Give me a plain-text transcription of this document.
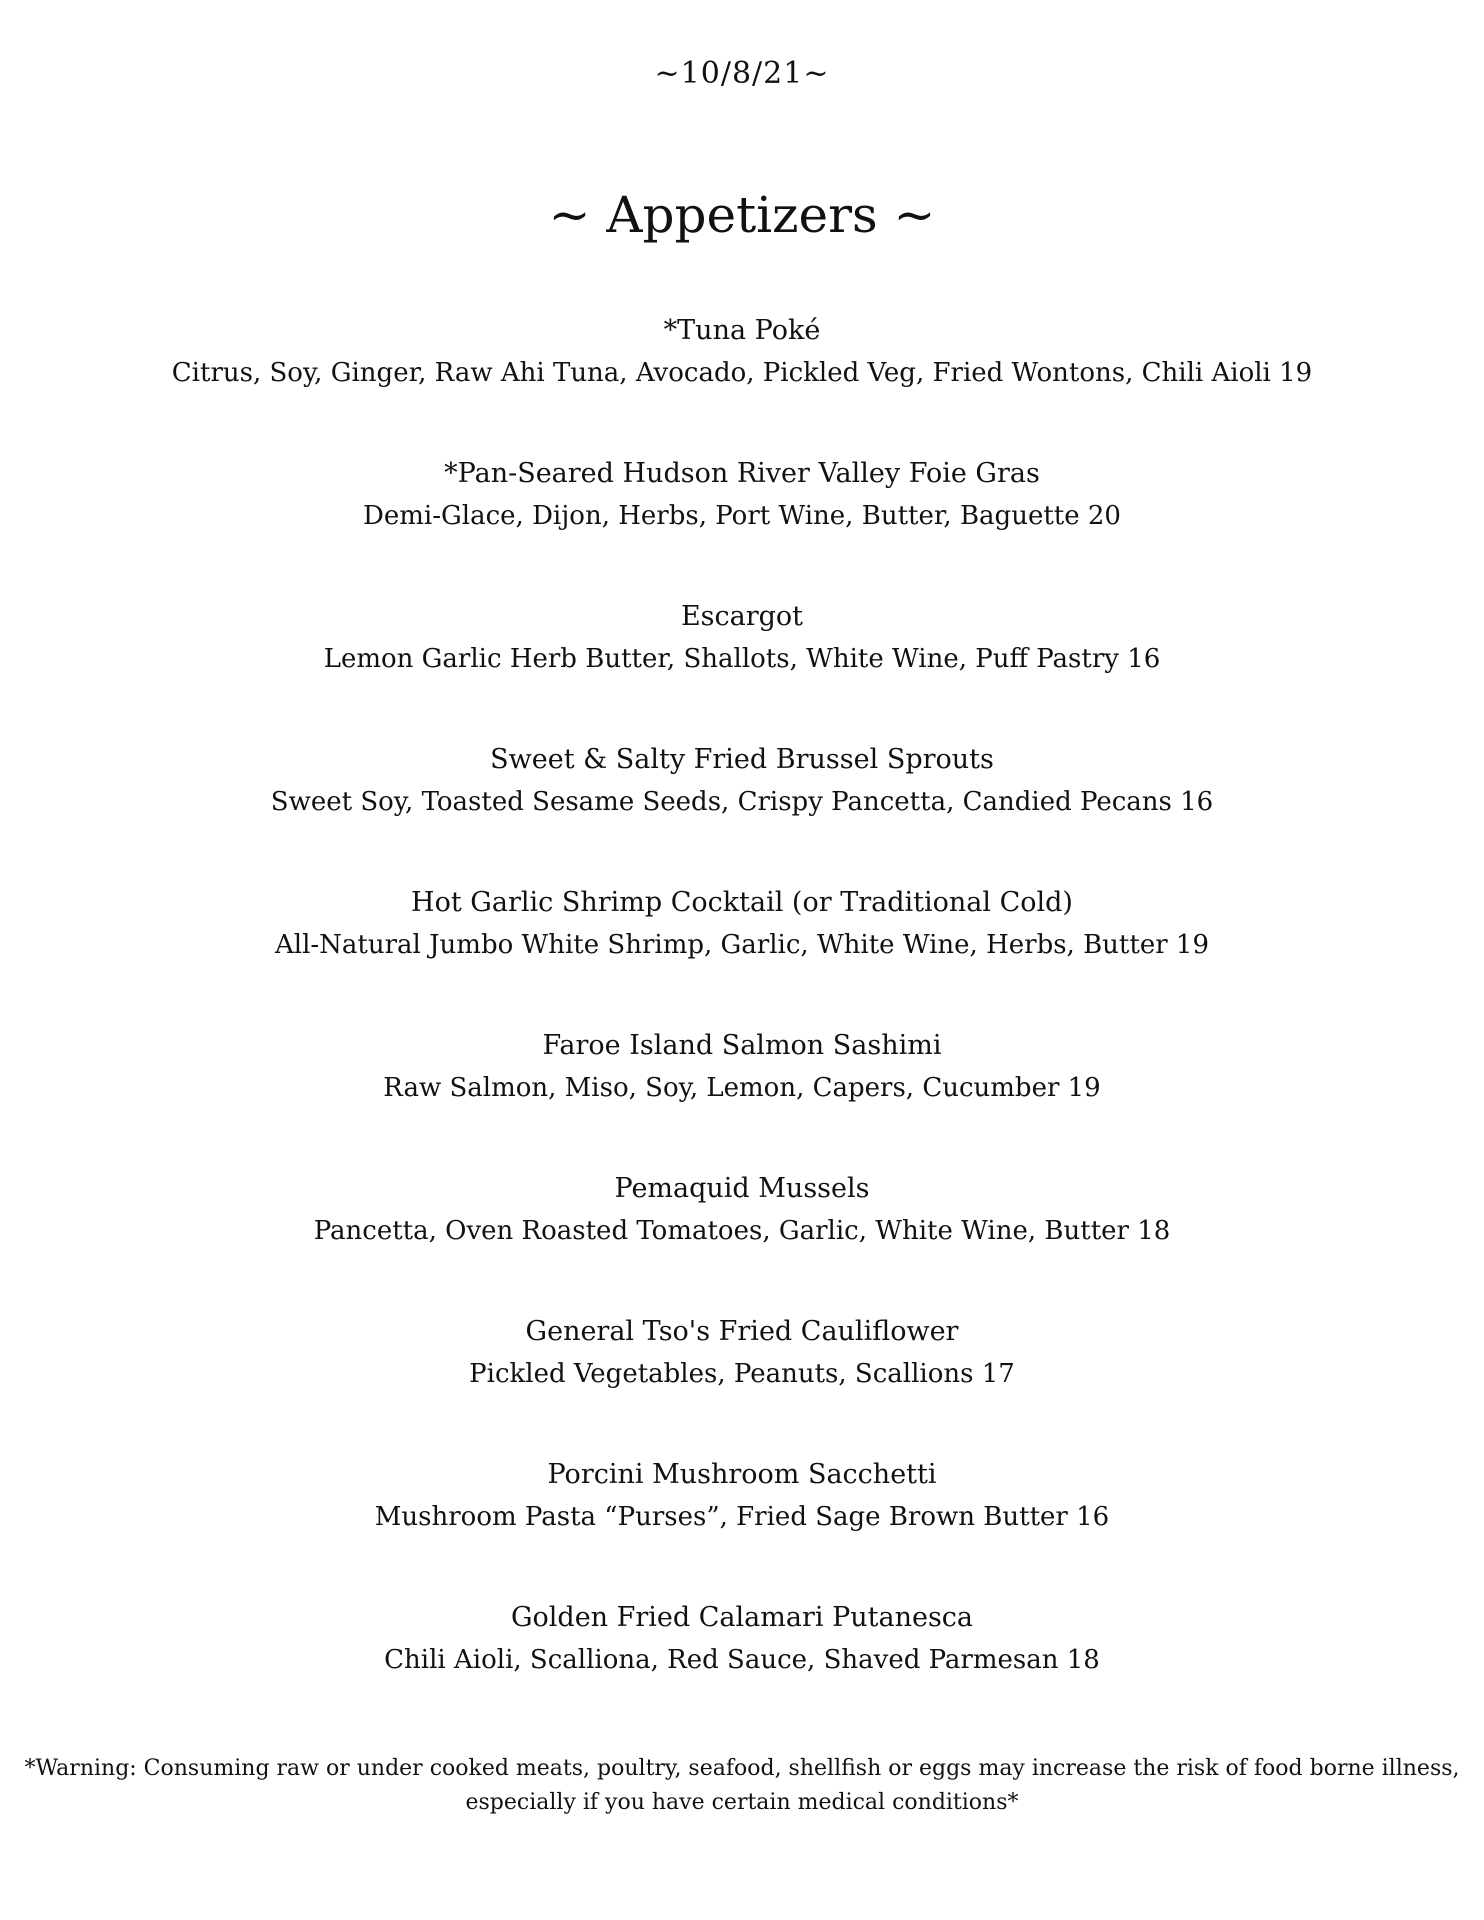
~10/8/21~
~ Appetizers ~
*Tuna Poké
Citrus, Soy, Ginger, Raw Ahi Tuna, Avocado, Pickled Veg, Fried Wontons, Chili Aioli 19
*Pan-Seared Hudson River Valley Foie Gras
Demi-Glace, Dijon, Herbs, Port Wine, Butter, Baguette 20
Escargot
Lemon Garlic Herb Butter, Shallots, White Wine, Puff Pastry 16
Sweet & Salty Fried Brussel Sprouts
Sweet Soy, Toasted Sesame Seeds, Crispy Pancetta, Candied Pecans 16
Hot Garlic Shrimp Cocktail (or Traditional Cold)
All-Natural Jumbo White Shrimp, Garlic, White Wine, Herbs, Butter 19
Faroe Island Salmon Sashimi
Raw Salmon, Miso, Soy, Lemon, Capers, Cucumber 19
Pemaquid Mussels
Pancetta, Oven Roasted Tomatoes, Garlic, White Wine, Butter 18
General Tso's Fried Cauliflower
Pickled Vegetables, Peanuts, Scallions 17
Porcini Mushroom Sacchetti
Mushroom Pasta “Purses”, Fried Sage Brown Butter 16
Golden Fried Calamari Putanesca
Chili Aioli, Scalliona, Red Sauce, Shaved Parmesan 18
*Warning: Consuming raw or under cooked meats, poultry, seafood, shellfish or eggs may increase the risk of food borne illness,
especially if you have certain medical conditions*
